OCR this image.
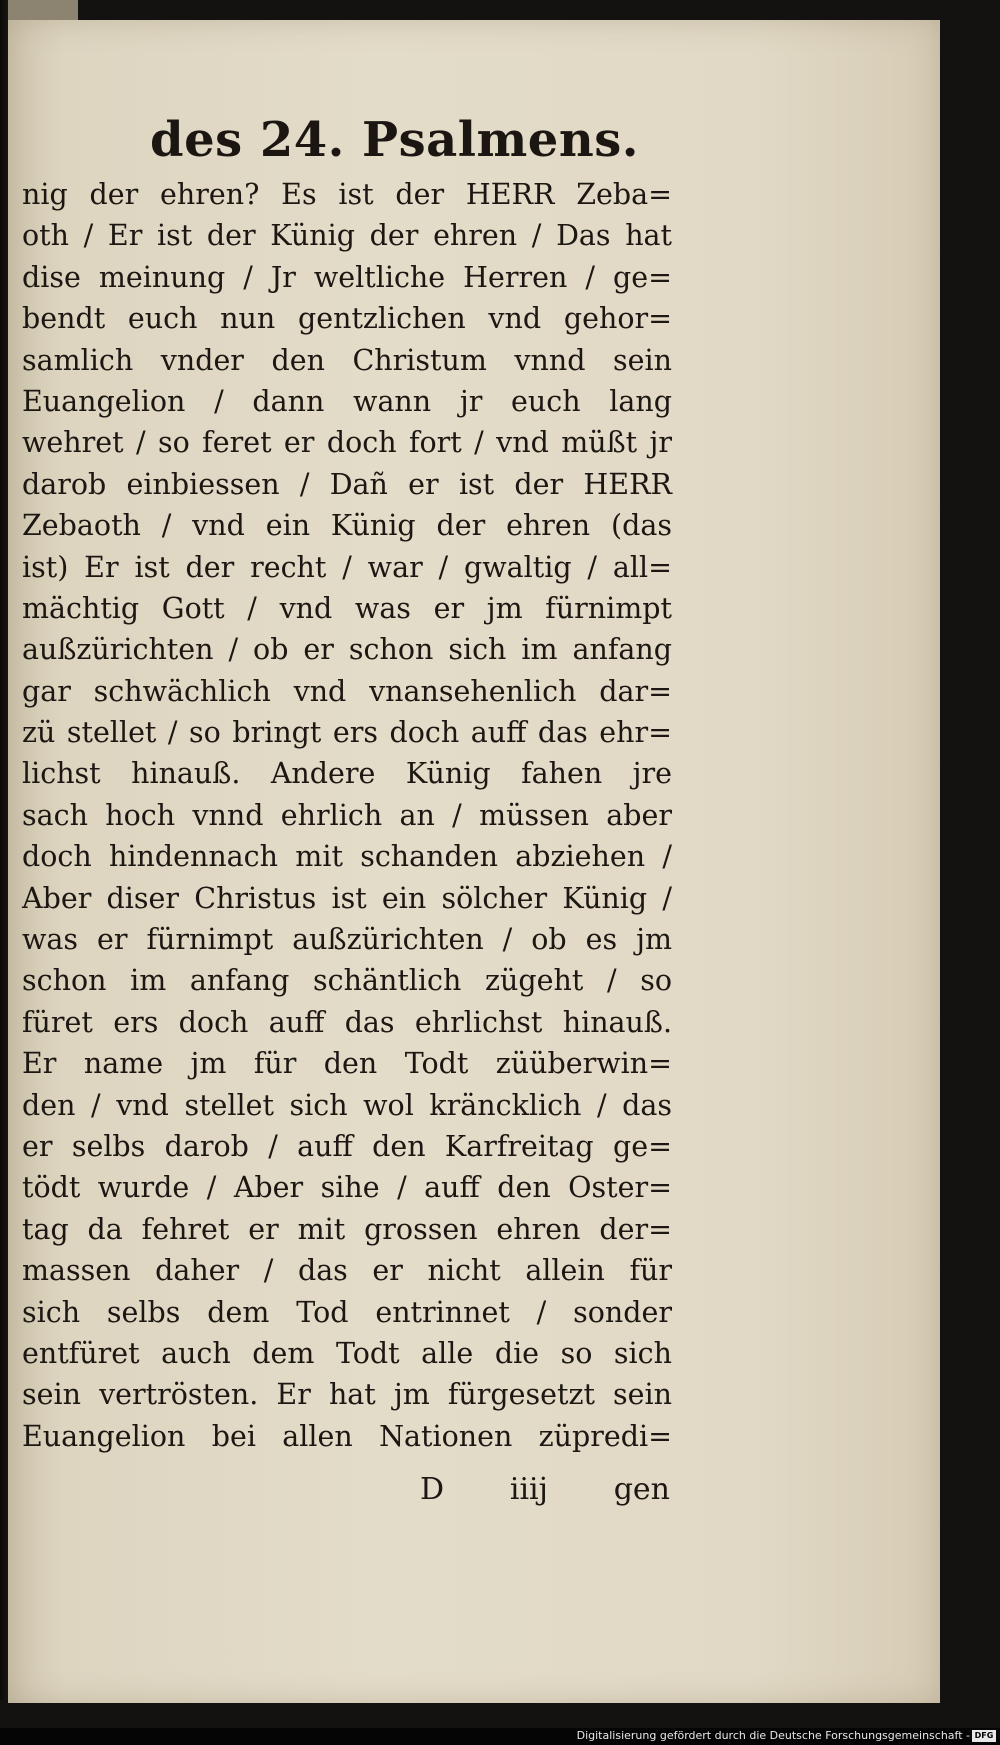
des 24. Psalmens.
nig der ehren? Es ist der HERR Zeba=
oth / Er ist der Künig der ehren / Das hat
dise meinung / Jr weltliche Herren / ge=
bendt euch nun gentzlichen vnd gehor=
samlich vnder den Christum vnnd sein
Euangelion / dann wann jr euch lang
wehret / so feret er doch fort / vnd müßt jr
darob einbiessen / Dañ er ist der HERR
Zebaoth / vnd ein Künig der ehren (das
ist) Er ist der recht / war / gwaltig / all=
mächtig Gott / vnd was er jm fürnimpt
außzürichten / ob er schon sich im anfang
gar schwächlich vnd vnansehenlich dar=
zü stellet / so bringt ers doch auff das ehr=
lichst hinauß. Andere Künig fahen jre
sach hoch vnnd ehrlich an / müssen aber
doch hindennach mit schanden abziehen /
Aber diser Christus ist ein sölcher Künig /
was er fürnimpt außzürichten / ob es jm
schon im anfang schäntlich zügeht / so
füret ers doch auff das ehrlichst hinauß.
Er name jm für den Todt züüberwin=
den / vnd stellet sich wol kräncklich / das
er selbs darob / auff den Karfreitag ge=
tödt wurde / Aber sihe / auff den Oster=
tag da fehret er mit grossen ehren der=
massen daher / das er nicht allein für
sich selbs dem Tod entrinnet / sonder
entfüret auch dem Todt alle die so sich
sein vertrösten. Er hat jm fürgesetzt sein
Euangelion bei allen Nationen züpredi=
D iiij gen
Digitalisierung gefördert durch die Deutsche Forschungsgemeinschaft - DFG
